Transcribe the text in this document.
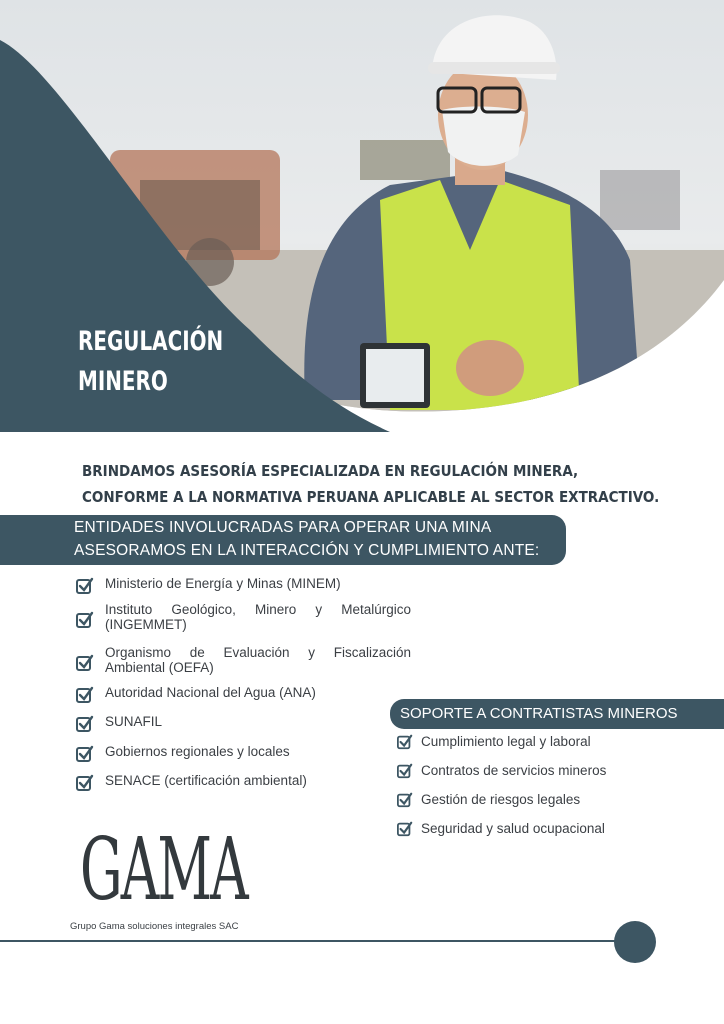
REGULACIÓN
MINERO
BRINDAMOS ASESORÍA ESPECIALIZADA EN REGULACIÓN MINERA,
CONFORME A LA NORMATIVA PERUANA APLICABLE AL SECTOR EXTRACTIVO.
ENTIDADES INVOLUCRADAS PARA OPERAR UNA MINA
ASESORAMOS EN LA INTERACCIÓN Y CUMPLIMIENTO ANTE:
Ministerio de Energía y Minas (MINEM)
Instituto Geológico, Minero y Metalúrgico (INGEMMET)
Organismo de Evaluación y Fiscalización Ambiental (OEFA)
Autoridad Nacional del Agua (ANA)
SUNAFIL
Gobiernos regionales y locales
SENACE (certificación ambiental)
SOPORTE A CONTRATISTAS MINEROS
Cumplimiento legal y laboral
Contratos de servicios mineros
Gestión de riesgos legales
Seguridad y salud ocupacional
GAMA
Grupo Gama soluciones integrales SAC
